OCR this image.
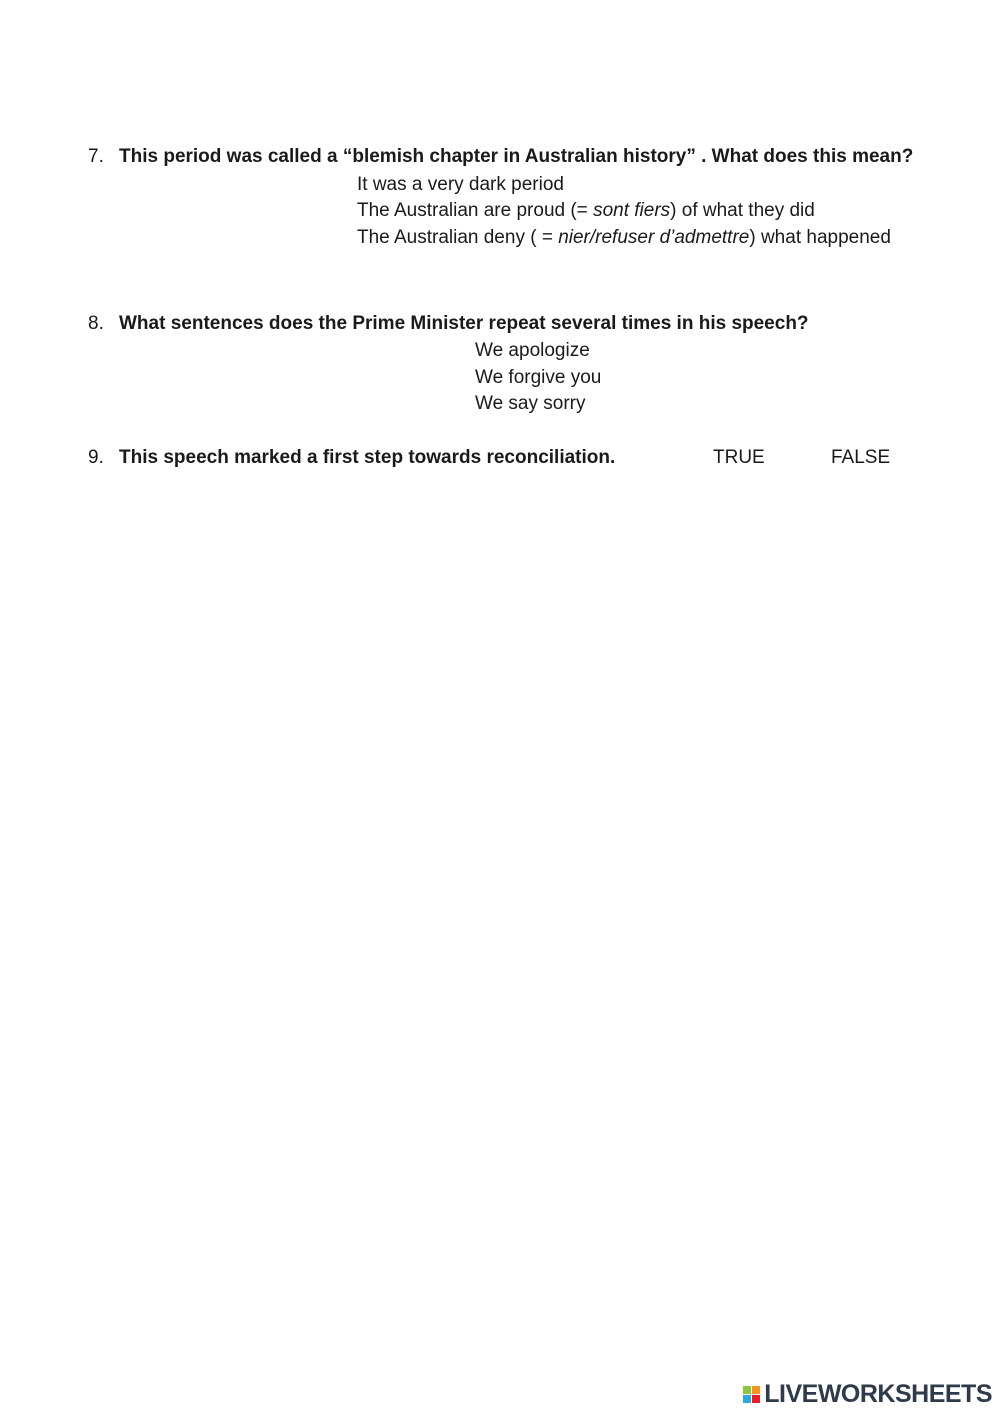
7. This period was called a “blemish chapter in Australian history” . What does this mean?
It was a very dark period
The Australian are proud (= sont fiers) of what they did
The Australian deny ( = nier/refuser d’admettre) what happened
8. What sentences does the Prime Minister repeat several times in his speech?
We apologize
We forgive you
We say sorry
9. This speech marked a first step towards reconciliation.	TRUE	FALSE
LIVEWORKSHEETS
